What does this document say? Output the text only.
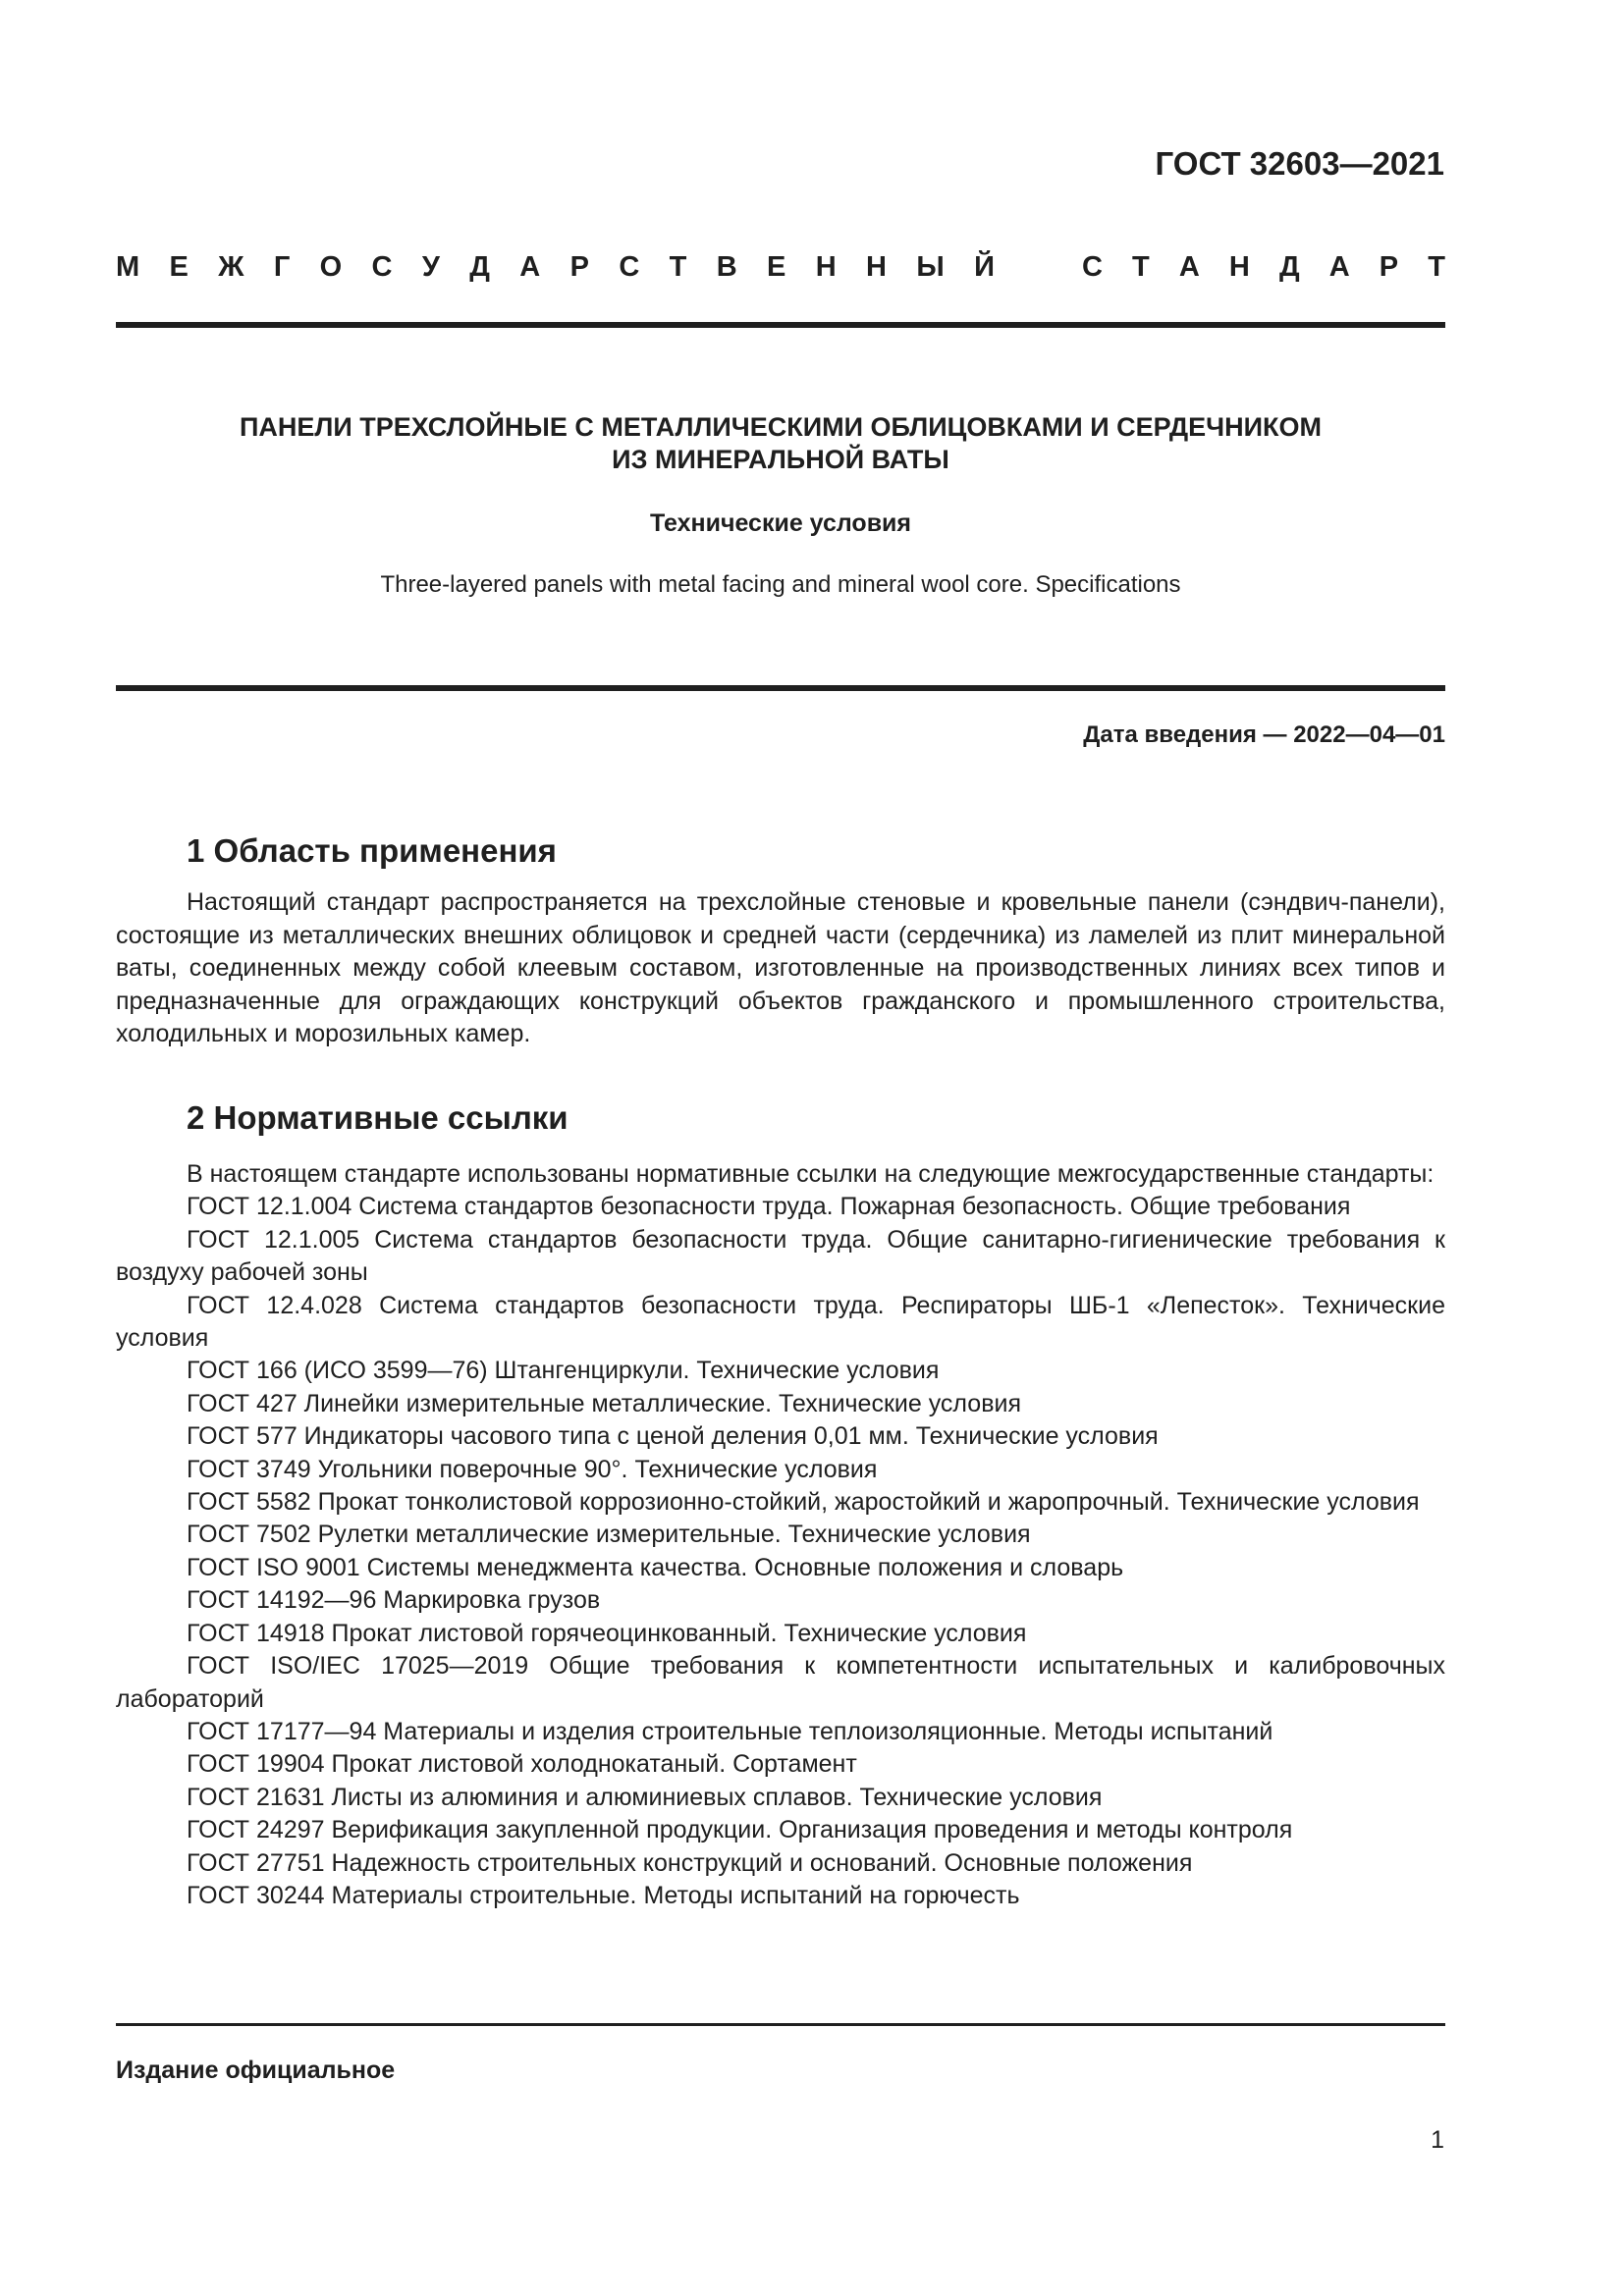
ГОСТ 32603—2021
М Е Ж Г О С У Д А Р С Т В Е Н Н Ы Й	С Т А Н Д А Р Т
ПАНЕЛИ ТРЕХСЛОЙНЫЕ С МЕТАЛЛИЧЕСКИМИ ОБЛИЦОВКАМИ И СЕРДЕЧНИКОМ
ИЗ МИНЕРАЛЬНОЙ ВАТЫ
Технические условия
Three-layered panels with metal facing and mineral wool core. Specifications
Дата введения — 2022—04—01
1 Область применения

Настоящий стандарт распространяется на трехслойные стеновые и кровельные панели (сэндвич-панели), состоящие из металлических внешних облицовок и средней части (сердечника) из ламелей из плит минеральной ваты, соединенных между собой клеевым составом, изготовленные на производственных линиях всех типов и предназначенные для ограждающих конструкций объектов гражданского и промышленного строительства, холодильных и морозильных камер.

2 Нормативные ссылки

В настоящем стандарте использованы нормативные ссылки на следующие межгосударственные стандарты:

ГОСТ 12.1.004 Система стандартов безопасности труда. Пожарная безопасность. Общие требования

ГОСТ 12.1.005 Система стандартов безопасности труда. Общие санитарно-гигиенические требования к воздуху рабочей зоны

ГОСТ 12.4.028 Система стандартов безопасности труда. Респираторы ШБ-1 «Лепесток». Технические условия

ГОСТ 166 (ИСО 3599—76) Штангенциркули. Технические условия

ГОСТ 427 Линейки измерительные металлические. Технические условия

ГОСТ 577 Индикаторы часового типа с ценой деления 0,01 мм. Технические условия

ГОСТ 3749 Угольники поверочные 90°. Технические условия

ГОСТ 5582 Прокат тонколистовой коррозионно-стойкий, жаростойкий и жаропрочный. Технические условия

ГОСТ 7502 Рулетки металлические измерительные. Технические условия

ГОСТ ISO 9001 Системы менеджмента качества. Основные положения и словарь

ГОСТ 14192—96 Маркировка грузов

ГОСТ 14918 Прокат листовой горячеоцинкованный. Технические условия

ГОСТ ISO/IEC 17025—2019 Общие требования к компетентности испытательных и калибровочных лабораторий

ГОСТ 17177—94 Материалы и изделия строительные теплоизоляционные. Методы испытаний

ГОСТ 19904 Прокат листовой холоднокатаный. Сортамент

ГОСТ 21631 Листы из алюминия и алюминиевых сплавов. Технические условия

ГОСТ 24297 Верификация закупленной продукции. Организация проведения и методы контроля

ГОСТ 27751 Надежность строительных конструкций и оснований. Основные положения

ГОСТ 30244 Материалы строительные. Методы испытаний на горючесть

Издание официальное
1
